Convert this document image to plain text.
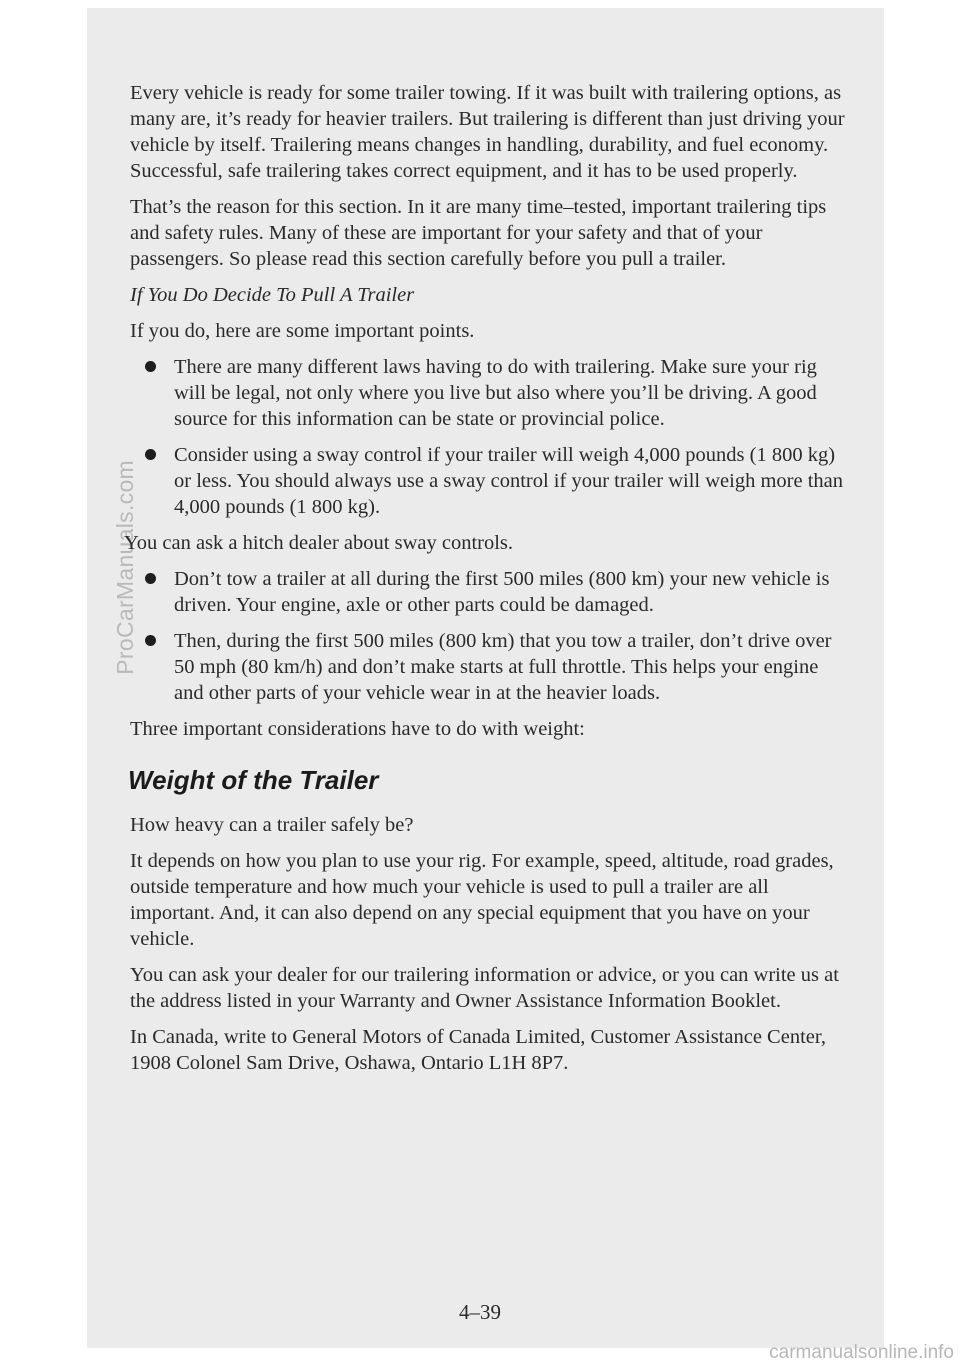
ProCarManuals.com

Every vehicle is ready for some trailer towing. If it was built with trailering options, as many are, it’s ready for heavier trailers. But trailering is different than just driving your vehicle by itself. Trailering means changes in handling, durability, and fuel economy. Successful, safe trailering takes correct equipment, and it has to be used properly.

That’s the reason for this section. In it are many time–tested, important trailering tips and safety rules. Many of these are important for your safety and that of your passengers. So please read this section carefully before you pull a trailer.

If You Do Decide To Pull A Trailer

If you do, here are some important points.

There are many different laws having to do with trailering. Make sure your rig will be legal, not only where you live but also where you’ll be driving. A good source for this information can be state or provincial police.
Consider using a sway control if your trailer will weigh 4,000 pounds (1 800 kg) or less. You should always use a sway control if your trailer will weigh more than 4,000 pounds (1 800 kg).

You can ask a hitch dealer about sway controls.

Don’t tow a trailer at all during the first 500 miles (800 km) your new vehicle is driven. Your engine, axle or other parts could be damaged.
Then, during the first 500 miles (800 km) that you tow a trailer, don’t drive over 50 mph (80 km/h) and don’t make starts at full throttle. This helps your engine and other parts of your vehicle wear in at the heavier loads.

Three important considerations have to do with weight:

Weight of the Trailer

How heavy can a trailer safely be?

It depends on how you plan to use your rig. For example, speed, altitude, road grades, outside temperature and how much your vehicle is used to pull a trailer are all important. And, it can also depend on any special equipment that you have on your vehicle.

You can ask your dealer for our trailering information or advice, or you can write us at the address listed in your Warranty and Owner Assistance Information Booklet.

In Canada, write to General Motors of Canada Limited, Customer Assistance Center, 1908 Colonel Sam Drive, Oshawa, Ontario L1H 8P7.

4–39
carmanualsonline.info
